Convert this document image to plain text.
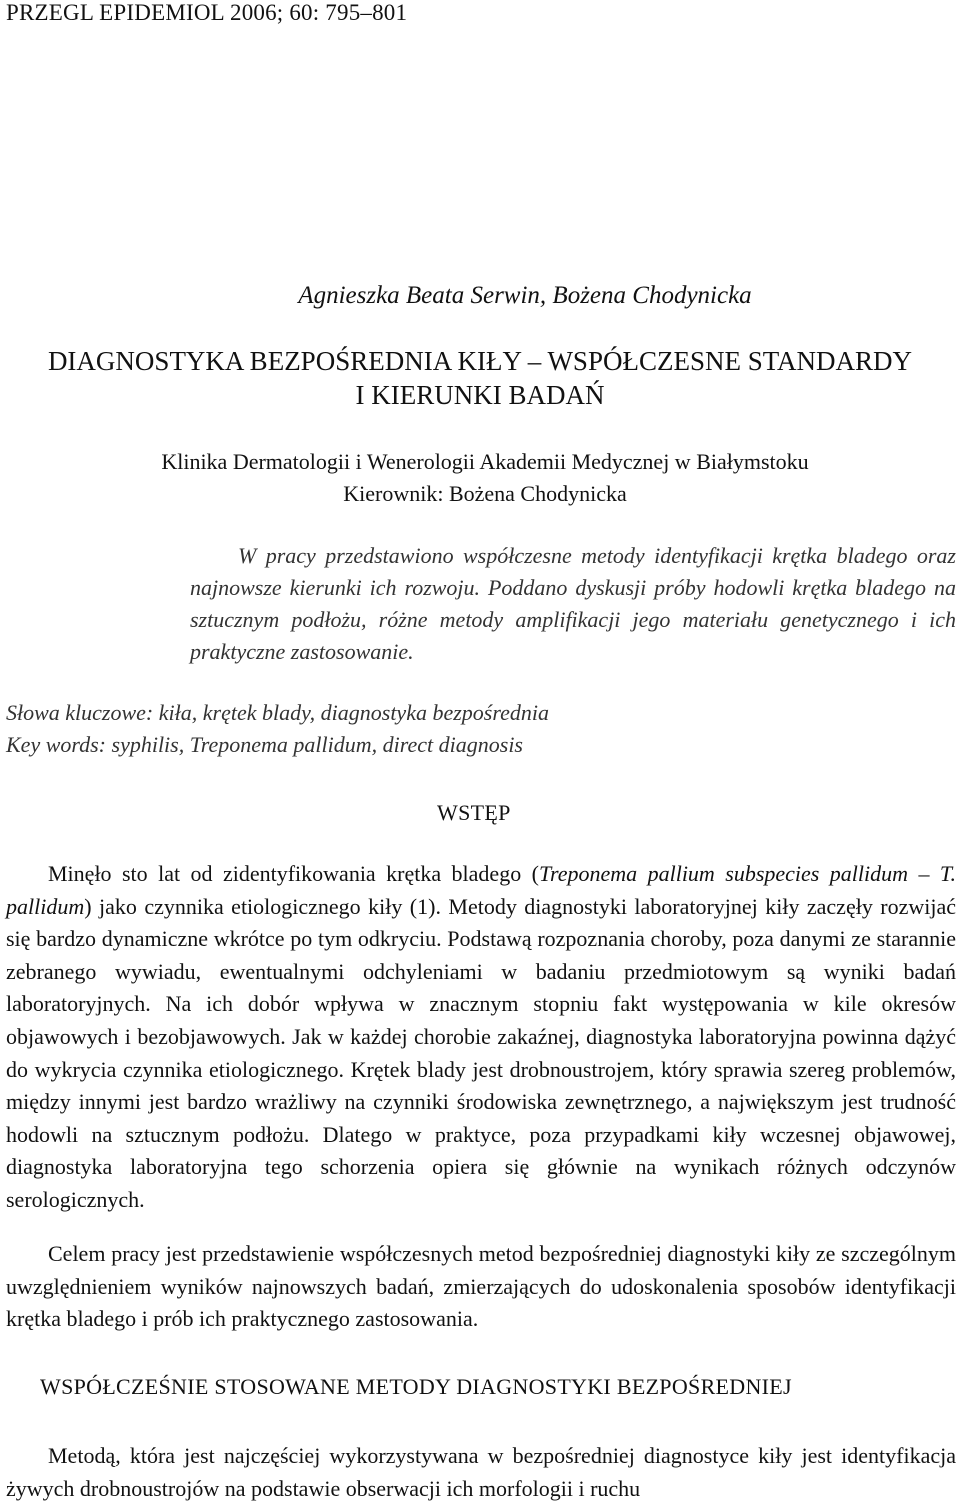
PRZEGL EPIDEMIOL 2006; 60: 795–801

Agnieszka Beata Serwin, Bożena Chodynicka

DIAGNOSTYKA BEZPOŚREDNIA KIŁY – WSPÓŁCZESNE STANDARDY
I KIERUNKI BADAŃ
Klinika Dermatologii i Wenerologii Akademii Medycznej w Białymstoku
Kierownik: Bożena Chodynicka

W pracy przedstawiono współczesne metody identyfikacji krętka bladego oraz najnowsze kierunki ich rozwoju. Poddano dyskusji próby hodowli krętka bladego na sztucznym podłożu, różne metody amplifikacji jego materiału genetycznego i ich praktyczne zastosowanie.

Słowa kluczowe: kiła, krętek blady, diagnostyka bezpośrednia
Key words: syphilis, Treponema pallidum, direct diagnosis
WSTĘP

Minęło sto lat od zidentyfikowania krętka bladego (Treponema pallium subspecies pallidum – T. pallidum) jako czynnika etiologicznego kiły (1). Metody diagnostyki laboratoryjnej kiły zaczęły rozwijać się bardzo dynamiczne wkrótce po tym odkryciu. Podstawą rozpoznania choroby, poza danymi ze starannie zebranego wywiadu, ewentualnymi odchyleniami w badaniu przedmiotowym są wyniki badań laboratoryjnych. Na ich dobór wpływa w znacznym stopniu fakt występowania w kile okresów objawowych i bezobjawowych. Jak w każdej chorobie zakaźnej, diagnostyka laboratoryjna powinna dążyć do wykrycia czynnika etiologicznego. Krętek blady jest drobnoustrojem, który sprawia szereg problemów, między innymi jest bardzo wrażliwy na czynniki środowiska zewnętrznego, a największym jest trudność hodowli na sztucznym podłożu. Dlatego w praktyce, poza przypadkami kiły wczesnej objawowej, diagnostyka laboratoryjna tego schorzenia opiera się głównie na wynikach różnych odczynów serologicznych.

Celem pracy jest przedstawienie współczesnych metod bezpośredniej diagnostyki kiły ze szczególnym uwzględnieniem wyników najnowszych badań, zmierzających do udoskonalenia sposobów identyfikacji krętka bladego i prób ich praktycznego zastosowania.

WSPÓŁCZEŚNIE STOSOWANE METODY DIAGNOSTYKI BEZPOŚREDNIEJ

Metodą, która jest najczęściej wykorzystywana w bezpośredniej diagnostyce kiły jest identyfikacja żywych drobnoustrojów na podstawie obserwacji ich morfologii i ruchu
